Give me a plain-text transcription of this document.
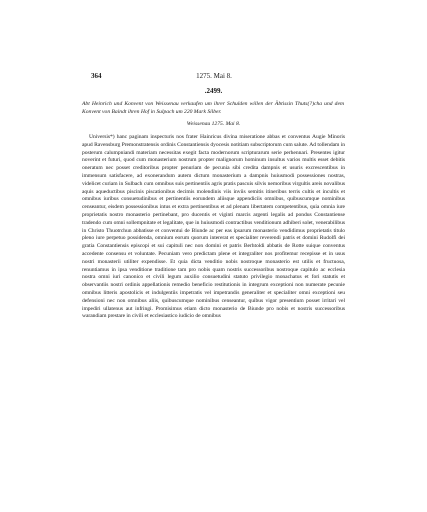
364	1275. Mai 8.
.2499.
Abt Heinrich und Konvent von Weissenau verkaufen um ihrer Schulden willen der Äbtissin Thuts(?)cha und dem Konvent von Baindt ihren Hof in Sulpach um 220 Mark Silber.
Weissenau 1275. Mai 8.
Universis*) hanc paginam inspecturis nos frater Hainricus divina miseratione abbas et conventus Augie Minoris apud Ravensburg Premonstratensis ordinis Constantiensis dyocesis notitiam subscriptorum cum salute. Ad tollendam in posterum calumpniandi materiam necessitas exegit facta modernorum scripturarum serie perhennari. Presentes igitur noverint et futuri, quod cum monasterium nostrum propter malignorum hominum insultus varios multis esset debitis oneratum nec posset creditoribus propter penuriam de pecunia sibi credita dampnis et usuris excrescentibus in immensum satisfacere, ad exonerandum autem dictum monasterium a dampnis huiusmodi possessiones nostras, videlicet curiam in Sulbach cum omnibus suis pertinentiis agris pratis pascuis silvis nemoribus virgultis areis novalibus aquis aqueductibus piscinis piscationibus decimis molendinis viis inviis semitis itineribus terris cultis et incultis et omnibus iuribus consuetudinibus et pertinentiis eorundem aliisque appendiciis omnibus, quibuscumque nominibus censeantur, eisdem possessionibus intus et extra pertinentibus et ad plenam libertatem competentibus, quia omnia iure proprietatis nostro monasterio pertinebant, pro ducentis et viginti marcis argenti legalis ad pondus Constantiense tradendo cum omni sollempnitate et legalitate, que in huiusmodi contractibus venditionum adhiberi solet, venerabilibus in Christo Thuotrchun abbatisse et conventui de Biunde ac per eas ipsarum monasterio vendidimus proprietatis titulo pleno iure perpetuo possidenda, omnium eorum quorum intererat et specialiter reverendi patris et domini Rudolfi dei gratia Constantiensis episcopi et sui capituli nec non domini et patris Berhtoldi abbatis de Rotte suique conventus accedente consensu et voluntate. Pecuniam vero predictam plene et integraliter nos profitemur recepisse et in usus nostri monasterii utiliter expendisse. Et quia dicta venditio nobis nostroque monasterio est utilis et fructuosa, renuntiamus in ipsa venditione traditione tam pro nobis quam nostris successoribus nostroque capitulo ac ecclesia nostra omni iuri canonico et civili legum auxilio consuetudini statuto privilegio monachatus et fori statutis et observantiis nostri ordinis appellationis remedio beneficio restitutionis in integrum exceptioni non numerate pecunie omnibus litteris apostolicis et indulgentiis impetratis vel impetrandis generaliter et specialiter omni exceptioni seu defensioni nec non omnibus aliis, quibuscumque nominibus censeantur, quibus vigor presentium posset irritari vel impediri ullatenus aut infringi. Promisimus etiam dicto monasterio de Biunde pro nobis et nostris successoribus warandiam prestare in civili et ecclesiastico iudicio de omnibus
